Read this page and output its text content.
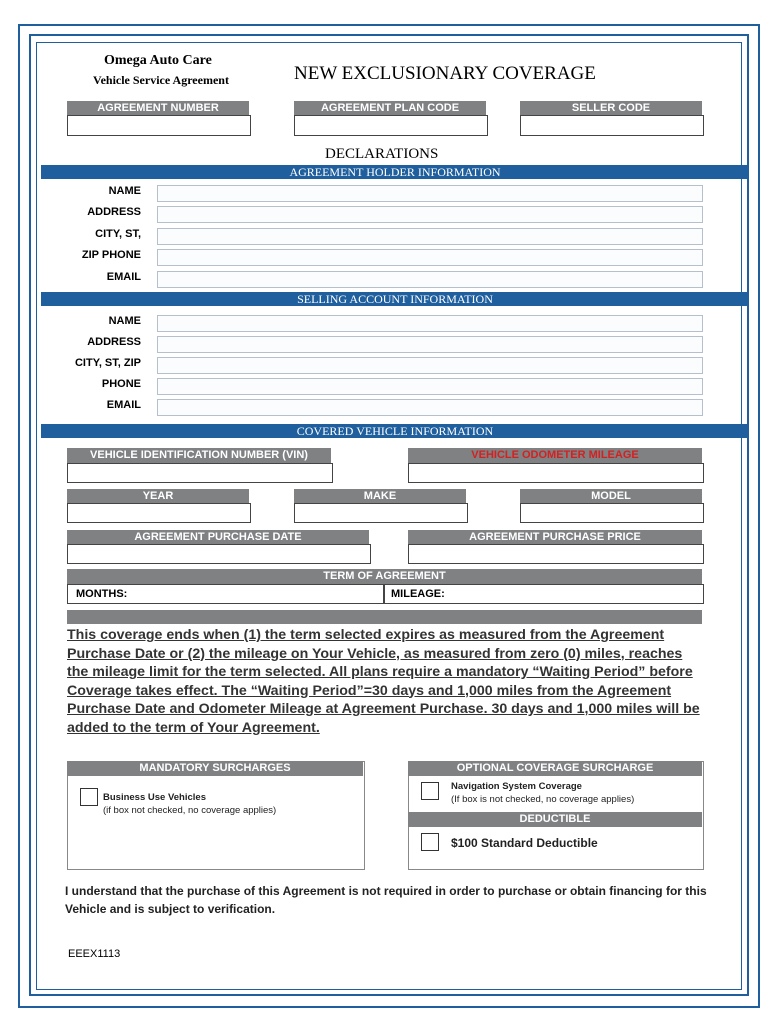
Omega Auto Care
Vehicle Service Agreement	NEW EXCLUSIONARY COVERAGE
AGREEMENT NUMBER	AGREEMENT PLAN CODE	SELLER CODE
DECLARATIONS
AGREEMENT HOLDER INFORMATION
NAME
ADDRESS
CITY, ST,
ZIP PHONE
EMAIL
SELLING ACCOUNT INFORMATION
NAME
ADDRESS
CITY, ST, ZIP
PHONE
EMAIL
COVERED VEHICLE INFORMATION
VEHICLE IDENTIFICATION NUMBER (VIN)	VEHICLE ODOMETER MILEAGE
YEAR	MAKE	MODEL
AGREEMENT PURCHASE DATE	AGREEMENT PURCHASE PRICE
TERM OF AGREEMENT
MONTHS:	MILEAGE:
This coverage ends when (1) the term selected expires as measured from the Agreement Purchase Date or (2) the mileage on Your Vehicle, as measured from zero (0) miles, reaches the mileage limit for the term selected. All plans require a mandatory “Waiting Period” before Coverage takes effect. The “Waiting Period”=30 days and 1,000 miles from the Agreement Purchase Date and Odometer Mileage at Agreement Purchase. 30 days and 1,000 miles will be added to the term of Your Agreement.
MANDATORY SURCHARGES
Business Use Vehicles
(if box not checked, no coverage applies)
OPTIONAL COVERAGE SURCHARGE
Navigation System Coverage
(If box is not checked, no coverage applies)
DEDUCTIBLE
$100 Standard Deductible
I understand that the purchase of this Agreement is not required in order to purchase or obtain financing for this Vehicle and is subject to verification.
EEEX1113
